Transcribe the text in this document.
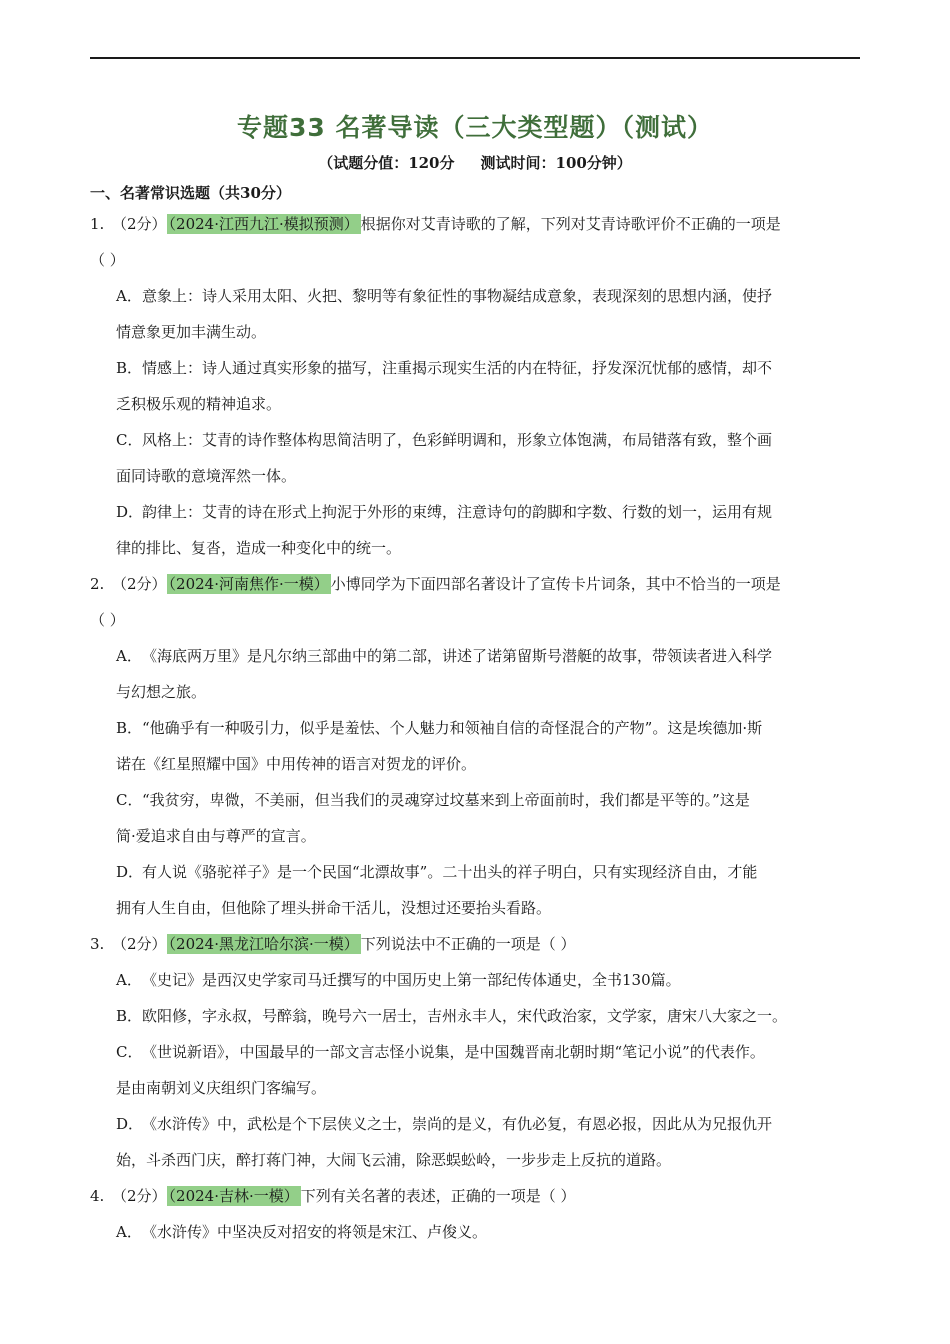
专题33 名著导读（三大类型题）（测试）
（试题分值：120分 测试时间：100分钟）
一、名著常识选题（共30分）
1. （2分） （2024·江西九江·模拟预测） 根据你对艾青诗歌的了解，下列对艾青诗歌评价不正确的一项是
（ ）
A．意象上：诗人采用太阳、火把、黎明等有象征性的事物凝结成意象，表现深刻的思想内涵，使抒
情意象更加丰满生动。
B．情感上：诗人通过真实形象的描写，注重揭示现实生活的内在特征，抒发深沉忧郁的感情，却不
乏积极乐观的精神追求。
C．风格上：艾青的诗作整体构思简洁明了，色彩鲜明调和，形象立体饱满，布局错落有致，整个画
面同诗歌的意境浑然一体。
D．韵律上：艾青的诗在形式上拘泥于外形的束缚，注意诗句的韵脚和字数、行数的划一，运用有规
律的排比、复沓，造成一种变化中的统一。
2. （2分） （2024·河南焦作·一模） 小博同学为下面四部名著设计了宣传卡片词条，其中不恰当的一项是
（ ）
A．《海底两万里》是凡尔纳三部曲中的第二部，讲述了诺第留斯号潜艇的故事，带领读者进入科学
与幻想之旅。
B．“他确乎有一种吸引力，似乎是羞怯、个人魅力和领袖自信的奇怪混合的产物”。这是埃德加·斯
诺在《红星照耀中国》中用传神的语言对贺龙的评价。
C．“我贫穷，卑微，不美丽，但当我们的灵魂穿过坟墓来到上帝面前时，我们都是平等的。”这是
简·爱追求自由与尊严的宣言。
D．有人说《骆驼祥子》是一个民国“北漂故事”。二十出头的祥子明白，只有实现经济自由，才能
拥有人生自由，但他除了埋头拼命干活儿，没想过还要抬头看路。
3. （2分） （2024·黑龙江哈尔滨·一模） 下列说法中不正确的一项是（ ）
A．《史记》是西汉史学家司马迁撰写的中国历史上第一部纪传体通史，全书130篇。
B．欧阳修，字永叔，号醉翁，晚号六一居士，吉州永丰人，宋代政治家，文学家，唐宋八大家之一。
C．《世说新语》，中国最早的一部文言志怪小说集，是中国魏晋南北朝时期“笔记小说”的代表作。
是由南朝刘义庆组织门客编写。
D．《水浒传》中，武松是个下层侠义之士，崇尚的是义，有仇必复，有恩必报，因此从为兄报仇开
始，斗杀西门庆，醉打蒋门神，大闹飞云浦，除恶蜈蚣岭，一步步走上反抗的道路。
4. （2分） （2024·吉林·一模） 下列有关名著的表述，正确的一项是（ ）
A．《水浒传》中坚决反对招安的将领是宋江、卢俊义。
